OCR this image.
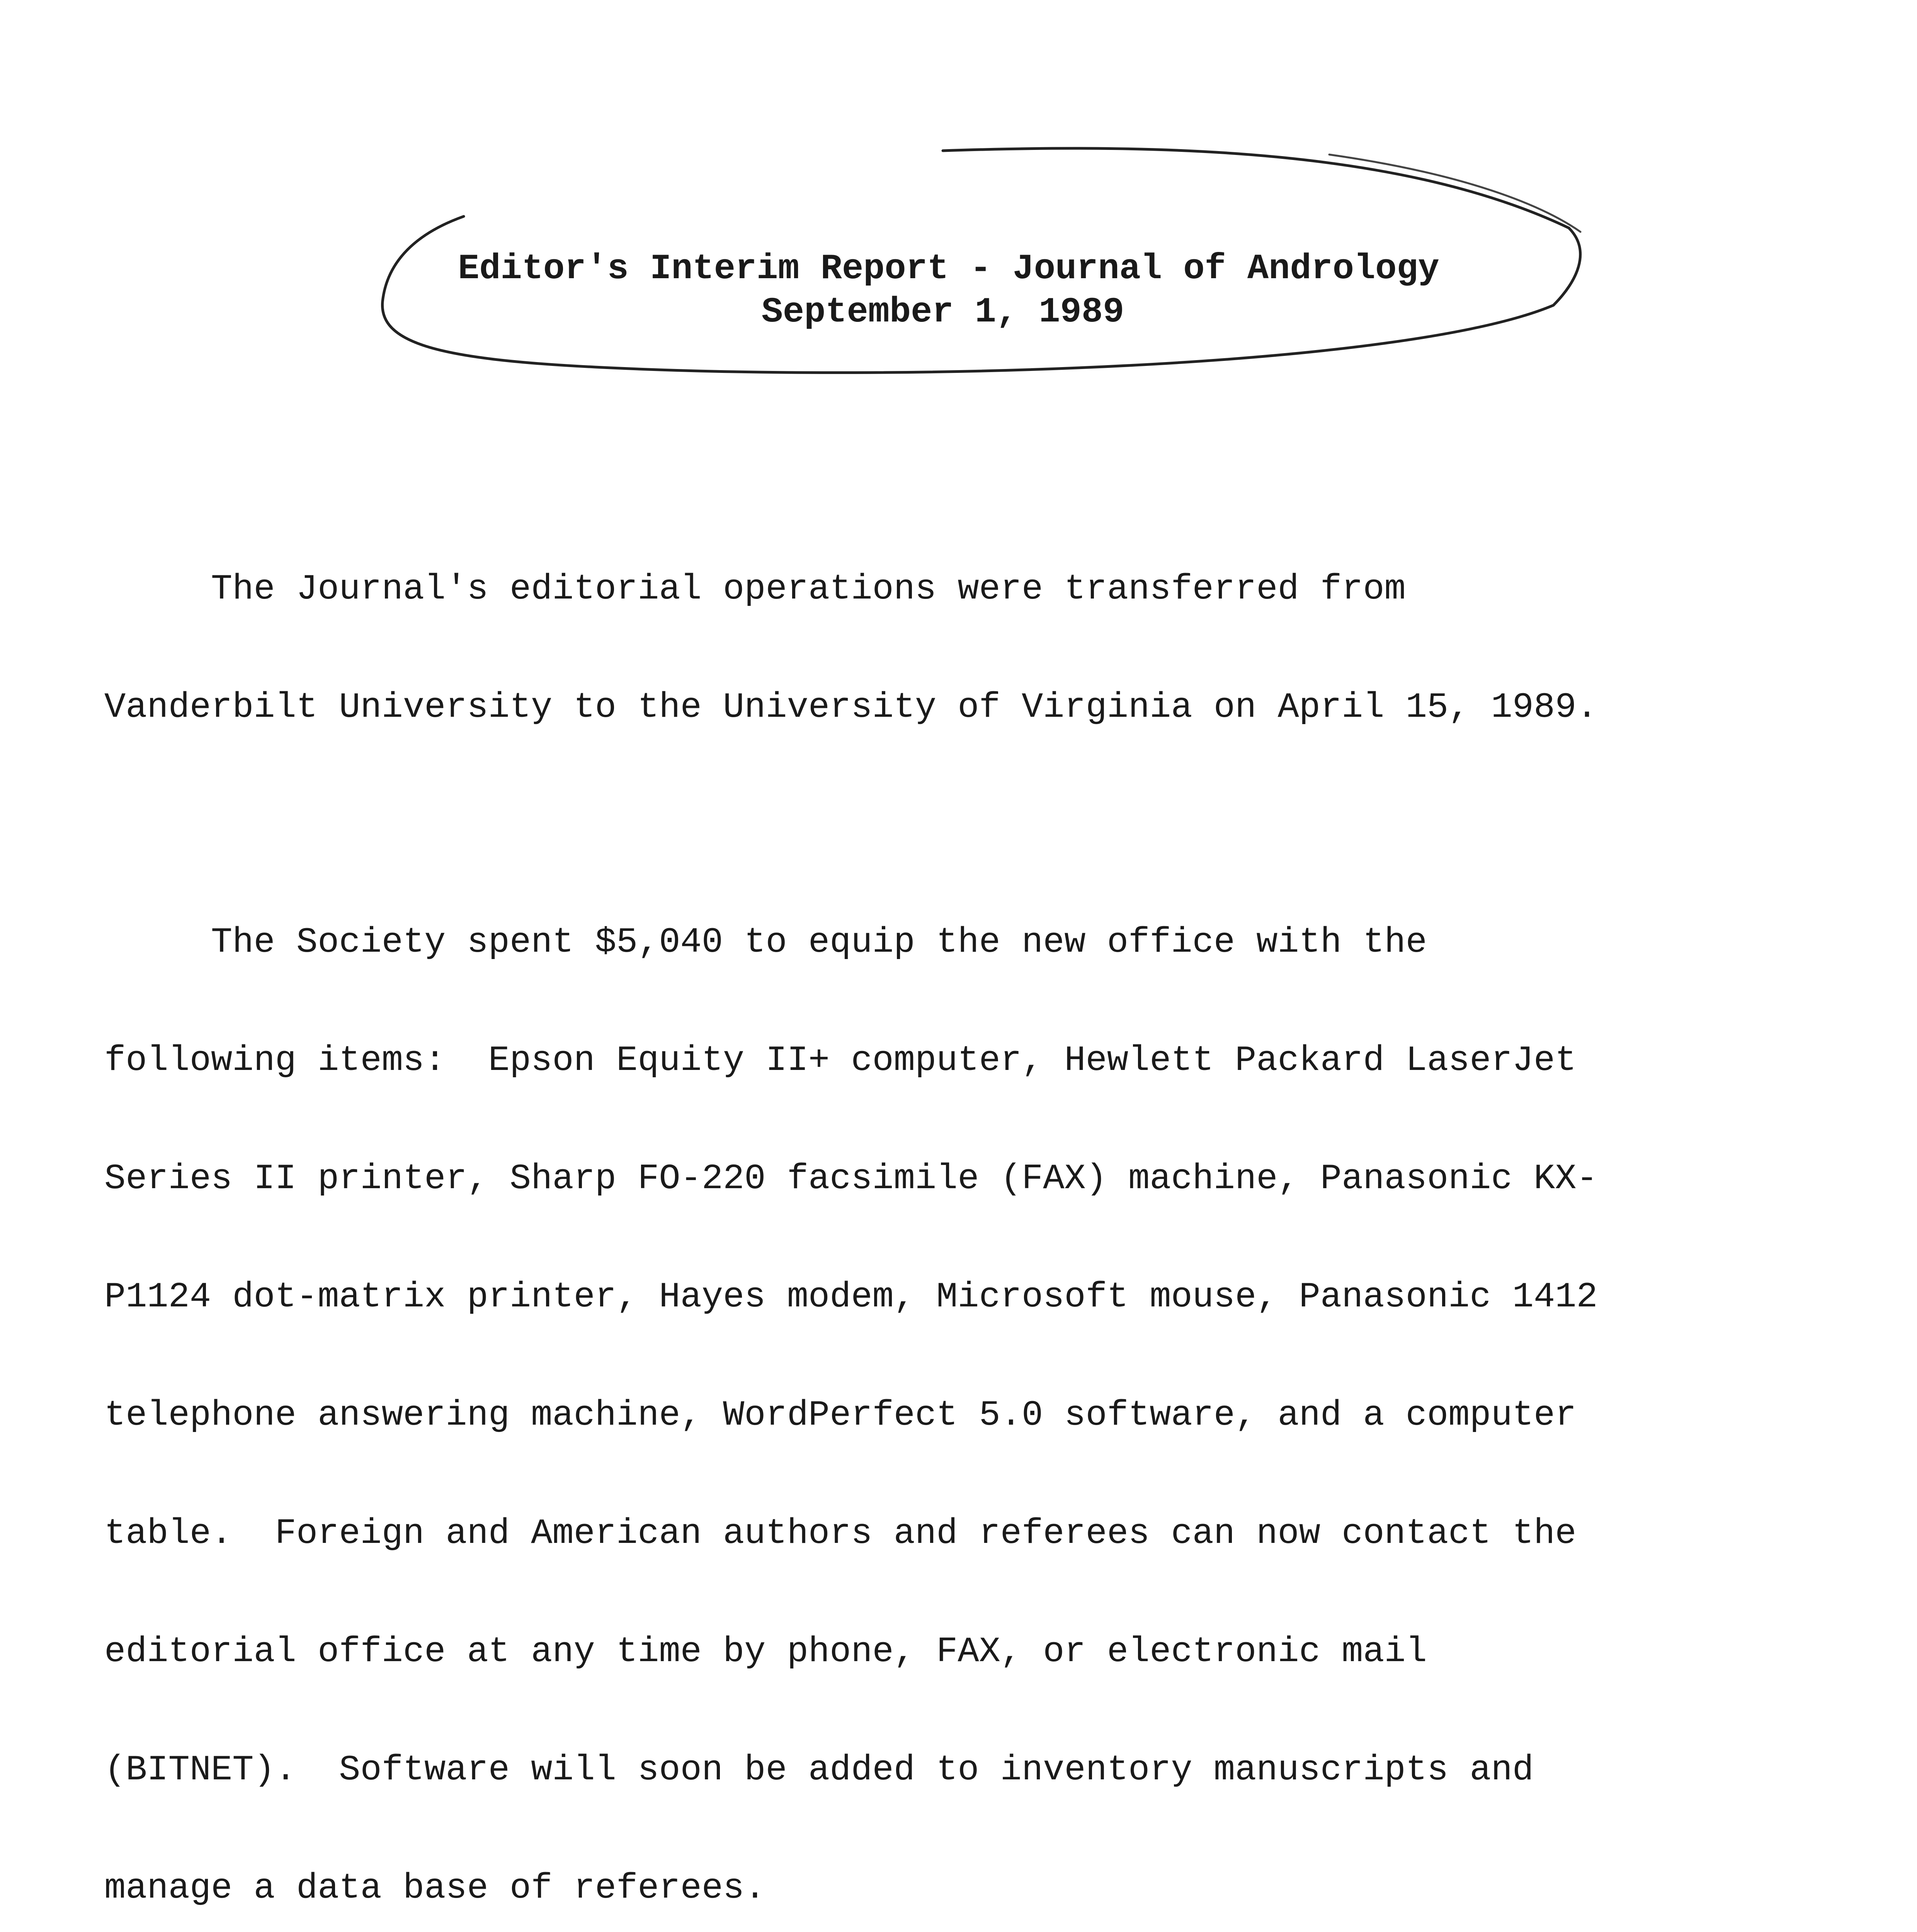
Editor's Interim Report - Journal of Andrology
September 1, 1989

The Journal's editorial operations were transferred from

Vanderbilt University to the University of Virginia on April 15, 1989.

The Society spent $5,040 to equip the new office with the

following items:  Epson Equity II+ computer, Hewlett Packard LaserJet

Series II printer, Sharp FO-220 facsimile (FAX) machine, Panasonic KX-

P1124 dot-matrix printer, Hayes modem, Microsoft mouse, Panasonic 1412

telephone answering machine, WordPerfect 5.0 software, and a computer

table.  Foreign and American authors and referees can now contact the

editorial office at any time by phone, FAX, or electronic mail

(BITNET).  Software will soon be added to inventory manuscripts and

manage a data base of referees.
